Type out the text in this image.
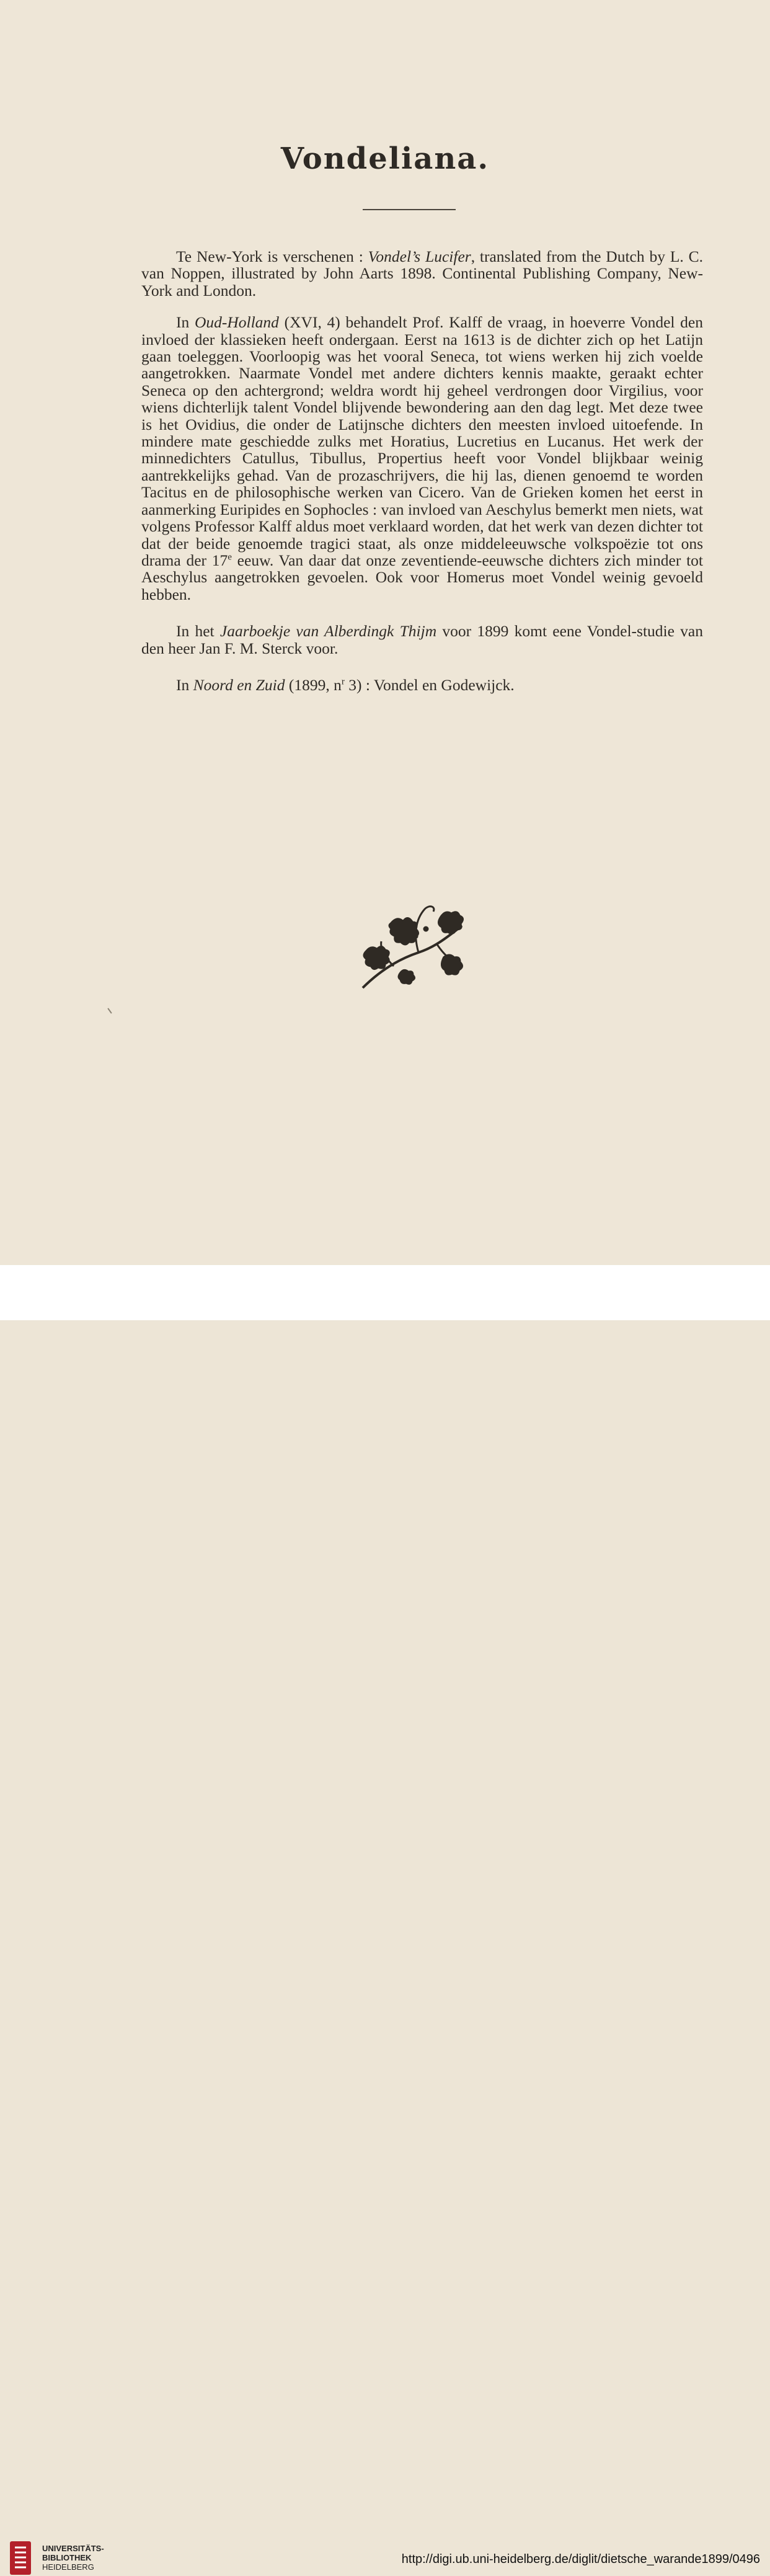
Vondeliana.

Te New-York is verschenen : Vondel’s Lucifer, translated from the Dutch by L. C. van Noppen, illustrated by John Aarts 1898. Continental Publishing Company, New-York and London.

In Oud-Holland (XVI, 4) behandelt Prof. Kalff de vraag, in hoeverre Vondel den invloed der klassieken heeft ondergaan. Eerst na 1613 is de dichter zich op het Latijn gaan toeleggen. Voorloopig was het vooral Seneca, tot wiens werken hij zich voelde aangetrokken. Naarmate Vondel met andere dichters kennis maakte, geraakt echter Seneca op den achtergrond; weldra wordt hij geheel verdrongen door Virgilius, voor wiens dichterlijk talent Vondel blijvende bewondering aan den dag legt. Met deze twee is het Ovidius, die onder de Latijnsche dichters den meesten invloed uitoefende. In mindere mate geschiedde zulks met Horatius, Lucretius en Lucanus. Het werk der minnedichters Catullus, Tibullus, Propertius heeft voor Vondel blijkbaar weinig aantrekkelijks gehad. Van de prozaschrijvers, die hij las, dienen genoemd te worden Tacitus en de philosophische werken van Cicero. Van de Grieken komen het eerst in aanmerking Euripides en Sophocles : van invloed van Aeschylus bemerkt men niets, wat volgens Professor Kalff aldus moet verklaard worden, dat het werk van dezen dichter tot dat der beide genoemde tragici staat, als onze middeleeuwsche volkspoëzie tot ons drama der 17e eeuw. Van daar dat onze zeventiende-eeuwsche dichters zich minder tot Aeschylus aangetrokken gevoelen. Ook voor Homerus moet Vondel weinig gevoeld hebben.

In het Jaarboekje van Alberdingk Thijm voor 1899 komt eene Vondel-studie van den heer Jan F. M. Sterck voor.

In Noord en Zuid (1899, $n^r$ 3) : Vondel en Godewijck.

UNIVERSITÄTS-
BIBLIOTHEK
HEIDELBERG
http://digi.ub.uni-heidelberg.de/diglit/dietsche_warande1899/0496
